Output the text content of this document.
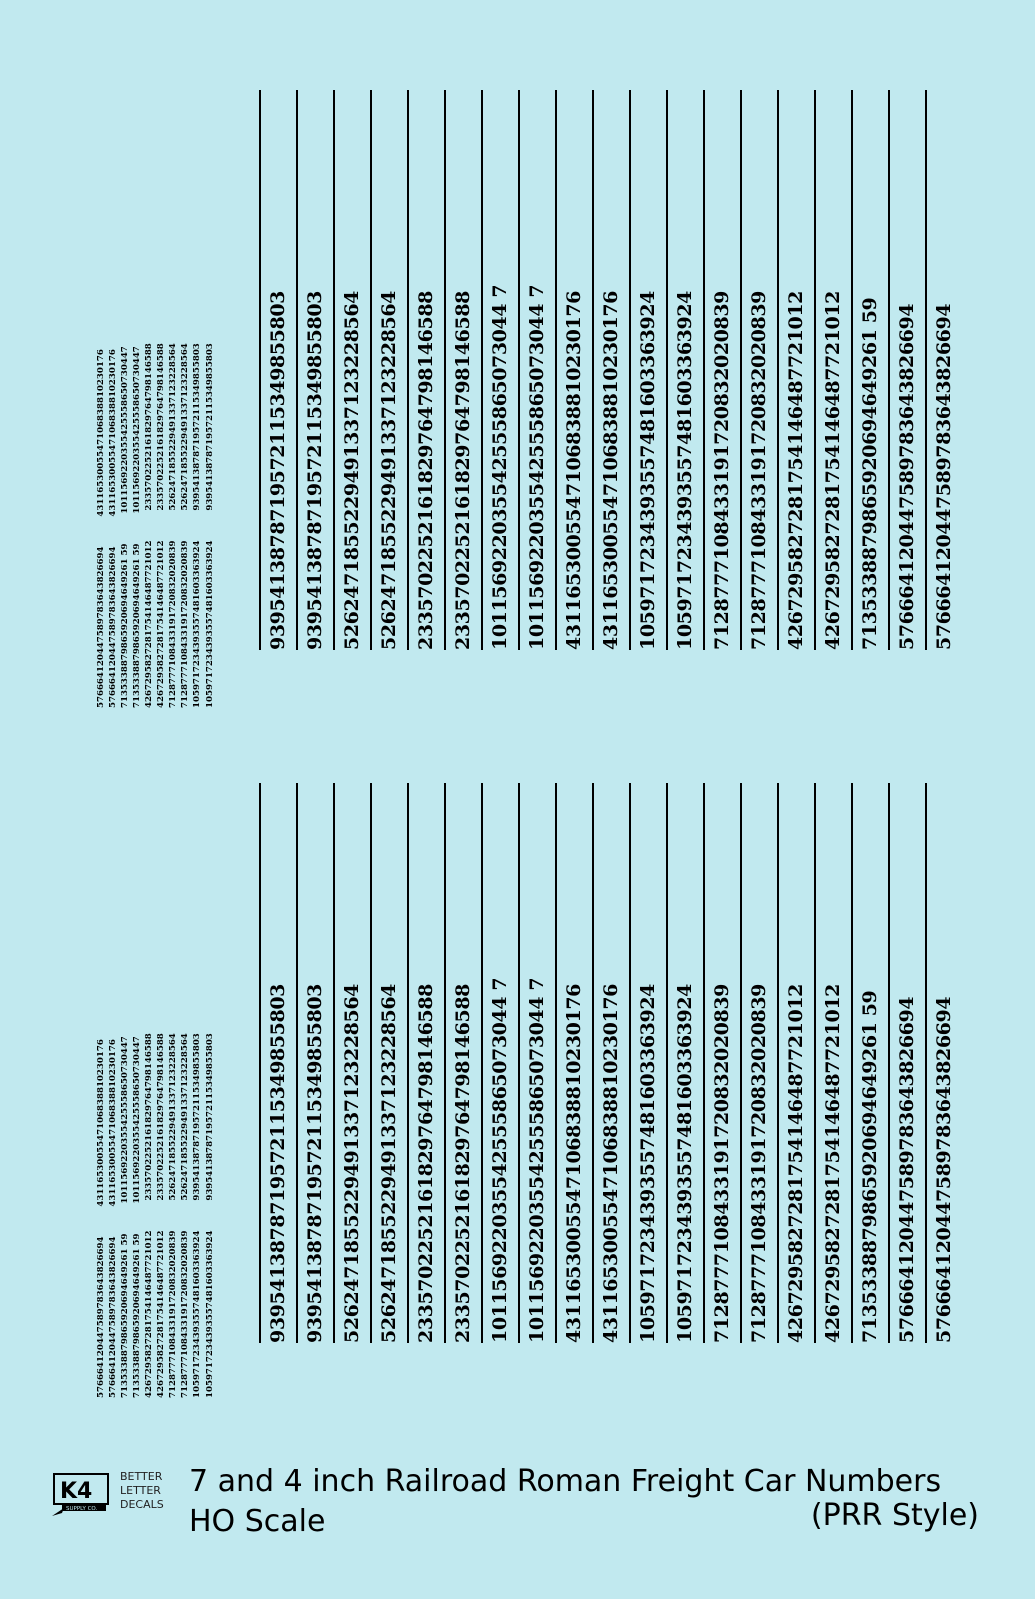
K4
SUPPLY CO.
BETTER
LETTER
DECALS
7 and 4 inch Railroad Roman Freight Car Numbers
(PRR Style)
HO Scale
576664120447589783643826694
576664120447589783643826694
7135338879865920694649261 59
4267295827281754146487721012
4267295827281754146487721012
7128777108433191720832020839
7128777108433191720832020839
1059717234393557481603363924
1059717234393557481603363924
4311653005547106838810230176
4311653005547106838810230176
101156922035542555865073044 7
101156922035542555865073044 7
2335702252161829764798146588
2335702252161829764798146588
5262471855229491337123228564
5262471855229491337123228564
9395413878719572115349855803
9395413878719572115349855803
1059717234393557481603363924          9395413878719572115349855803
1059717234393557481603363924          9395413878719572115349855803
7128777108433191720832020839          5262471855229491337123228564
7128777108433191720832020839          5262471855229491337123228564
4267295827281754146487721012          2335702252161829764798146588
4267295827281754146487721012          2335702252161829764798146588
7135338879865920694649261 59          1011569220355425558650730447
7135338879865920694649261 59          1011569220355425558650730447
576664120447589783643826694          4311653005547106838810230176
576664120447589783643826694          4311653005547106838810230176
576664120447589783643826694
576664120447589783643826694
7135338879865920694649261 59
4267295827281754146487721012
4267295827281754146487721012
7128777108433191720832020839
7128777108433191720832020839
1059717234393557481603363924
1059717234393557481603363924
4311653005547106838810230176
4311653005547106838810230176
101156922035542555865073044 7
101156922035542555865073044 7
2335702252161829764798146588
2335702252161829764798146588
5262471855229491337123228564
5262471855229491337123228564
9395413878719572115349855803
9395413878719572115349855803
1059717234393557481603363924          9395413878719572115349855803
1059717234393557481603363924          9395413878719572115349855803
7128777108433191720832020839          5262471855229491337123228564
7128777108433191720832020839          5262471855229491337123228564
4267295827281754146487721012          2335702252161829764798146588
4267295827281754146487721012          2335702252161829764798146588
7135338879865920694649261 59          1011569220355425558650730447
7135338879865920694649261 59          1011569220355425558650730447
576664120447589783643826694          4311653005547106838810230176
576664120447589783643826694          4311653005547106838810230176
